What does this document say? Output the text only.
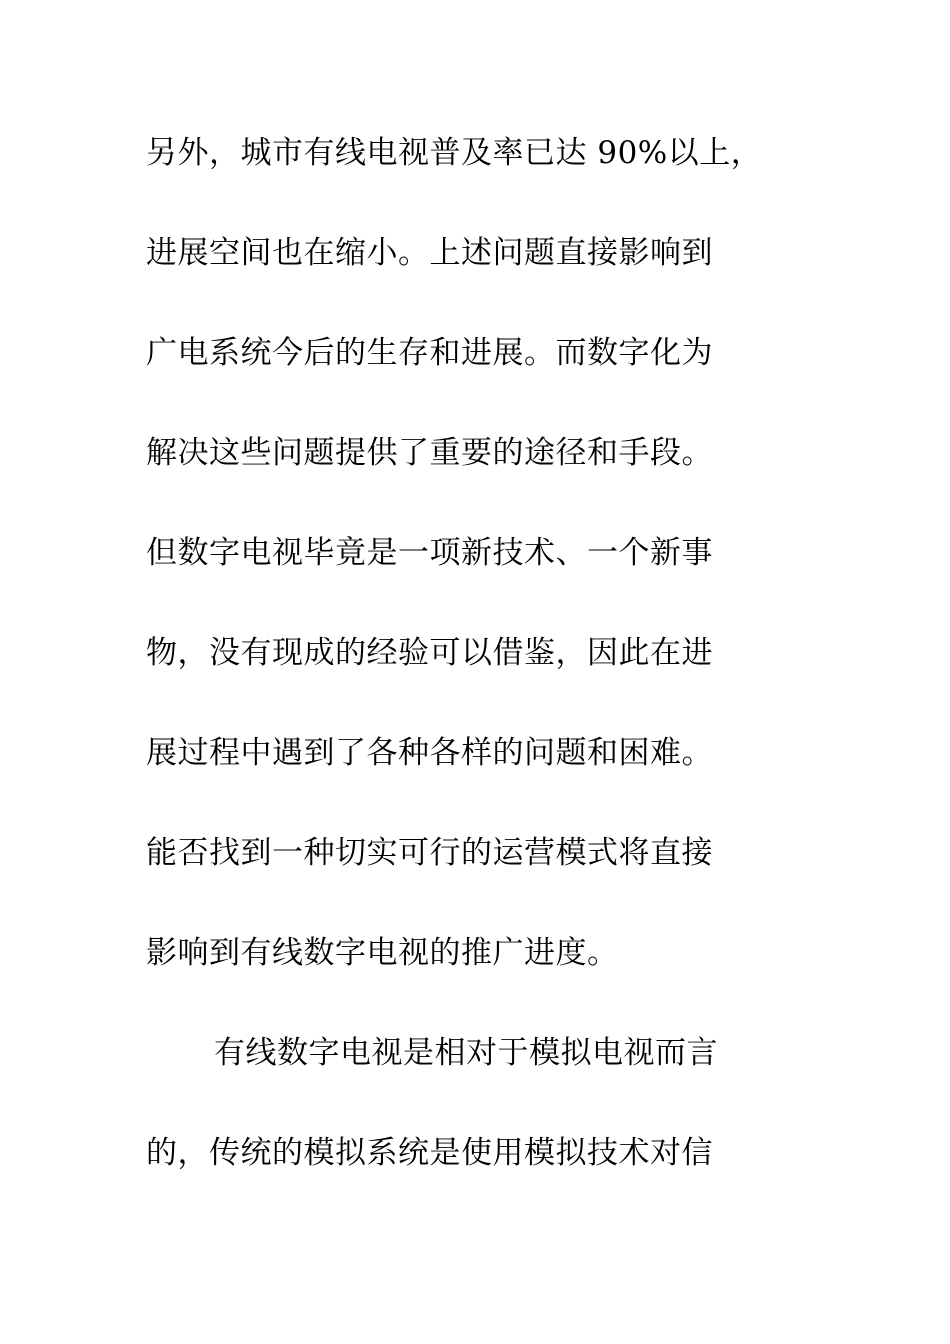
另外，城市有线电视普及率已达 90%以上，
进展空间也在缩小。上述问题直接影响到
广电系统今后的生存和进展。而数字化为
解决这些问题提供了重要的途径和手段。
但数字电视毕竟是一项新技术、一个新事
物，没有现成的经验可以借鉴，因此在进
展过程中遇到了各种各样的问题和困难。
能否找到一种切实可行的运营模式将直接
影响到有线数字电视的推广进度。
有线数字电视是相对于模拟电视而言
的，传统的模拟系统是使用模拟技术对信
